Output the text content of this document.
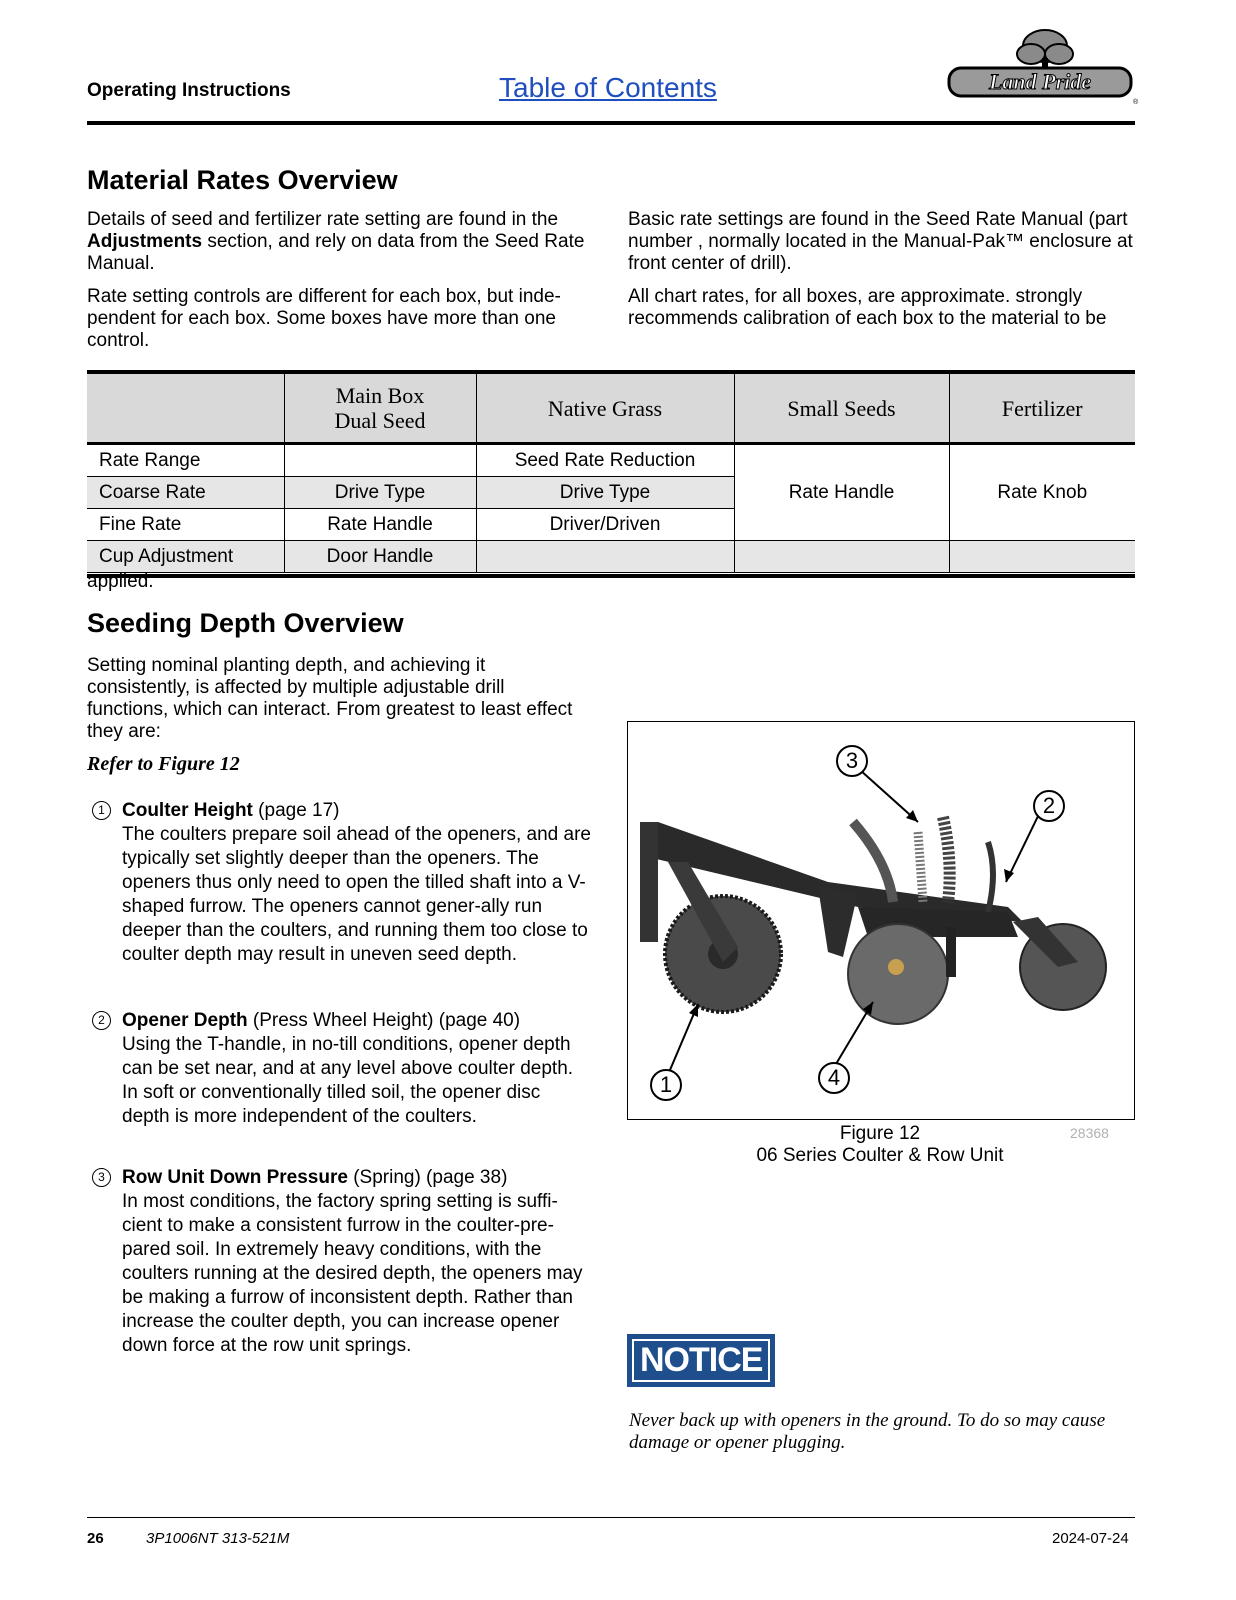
Operating Instructions	Table of Contents	Land Pride
®
Material Rates Overview

Details of seed and fertilizer rate setting are found in the Adjustments section, and rely on data from the Seed Rate Manual.

Rate setting controls are different for each box, but inde-pendent for each box. Some boxes have more than one control.

Basic rate settings are found in the Seed Rate Manual (part number , normally located in the Manual-Pak™ enclosure at front center of drill).

All chart rates, for all boxes, are approximate. strongly recommends calibration of each box to the material to be

	Main Box
Dual Seed	Native Grass	Small Seeds	Fertilizer
Rate Range		Seed Rate Reduction	Rate Handle	Rate Knob
Coarse Rate	Drive Type	Drive Type		
Fine Rate	Rate Handle	Driver/Driven		
Cup Adjustment	Door Handle			
applied.
Seeding Depth Overview

Setting nominal planting depth, and achieving it consistently, is affected by multiple adjustable drill functions, which can interact. From greatest to least effect they are:

Refer to Figure 12

1 Coulter Height (page 17)
The coulters prepare soil ahead of the openers, and are typically set slightly deeper than the openers. The openers thus only need to open the tilled shaft into a V-shaped furrow. The openers cannot gener-ally run deeper than the coulters, and running them too close to coulter depth may result in uneven seed depth.
2 Opener Depth (Press Wheel Height) (page 40)
Using the T-handle, in no-till conditions, opener depth can be set near, and at any level above coulter depth.
In soft or conventionally tilled soil, the opener disc depth is more independent of the coulters.
3 Row Unit Down Pressure (Spring) (page 38)
In most conditions, the factory spring setting is suffi-cient to make a consistent furrow in the coulter-pre-pared soil. In extremely heavy conditions, with the coulters running at the desired depth, the openers may be making a furrow of inconsistent depth. Rather than increase the coulter depth, you can increase opener down force at the row unit springs.
3
2
1	4
Figure 12
06 Series Coulter & Row Unit
28368
NOTICE

Never back up with openers in the ground. To do so may cause damage or opener plugging.

26	3P1006NT 313-521M	2024-07-24
